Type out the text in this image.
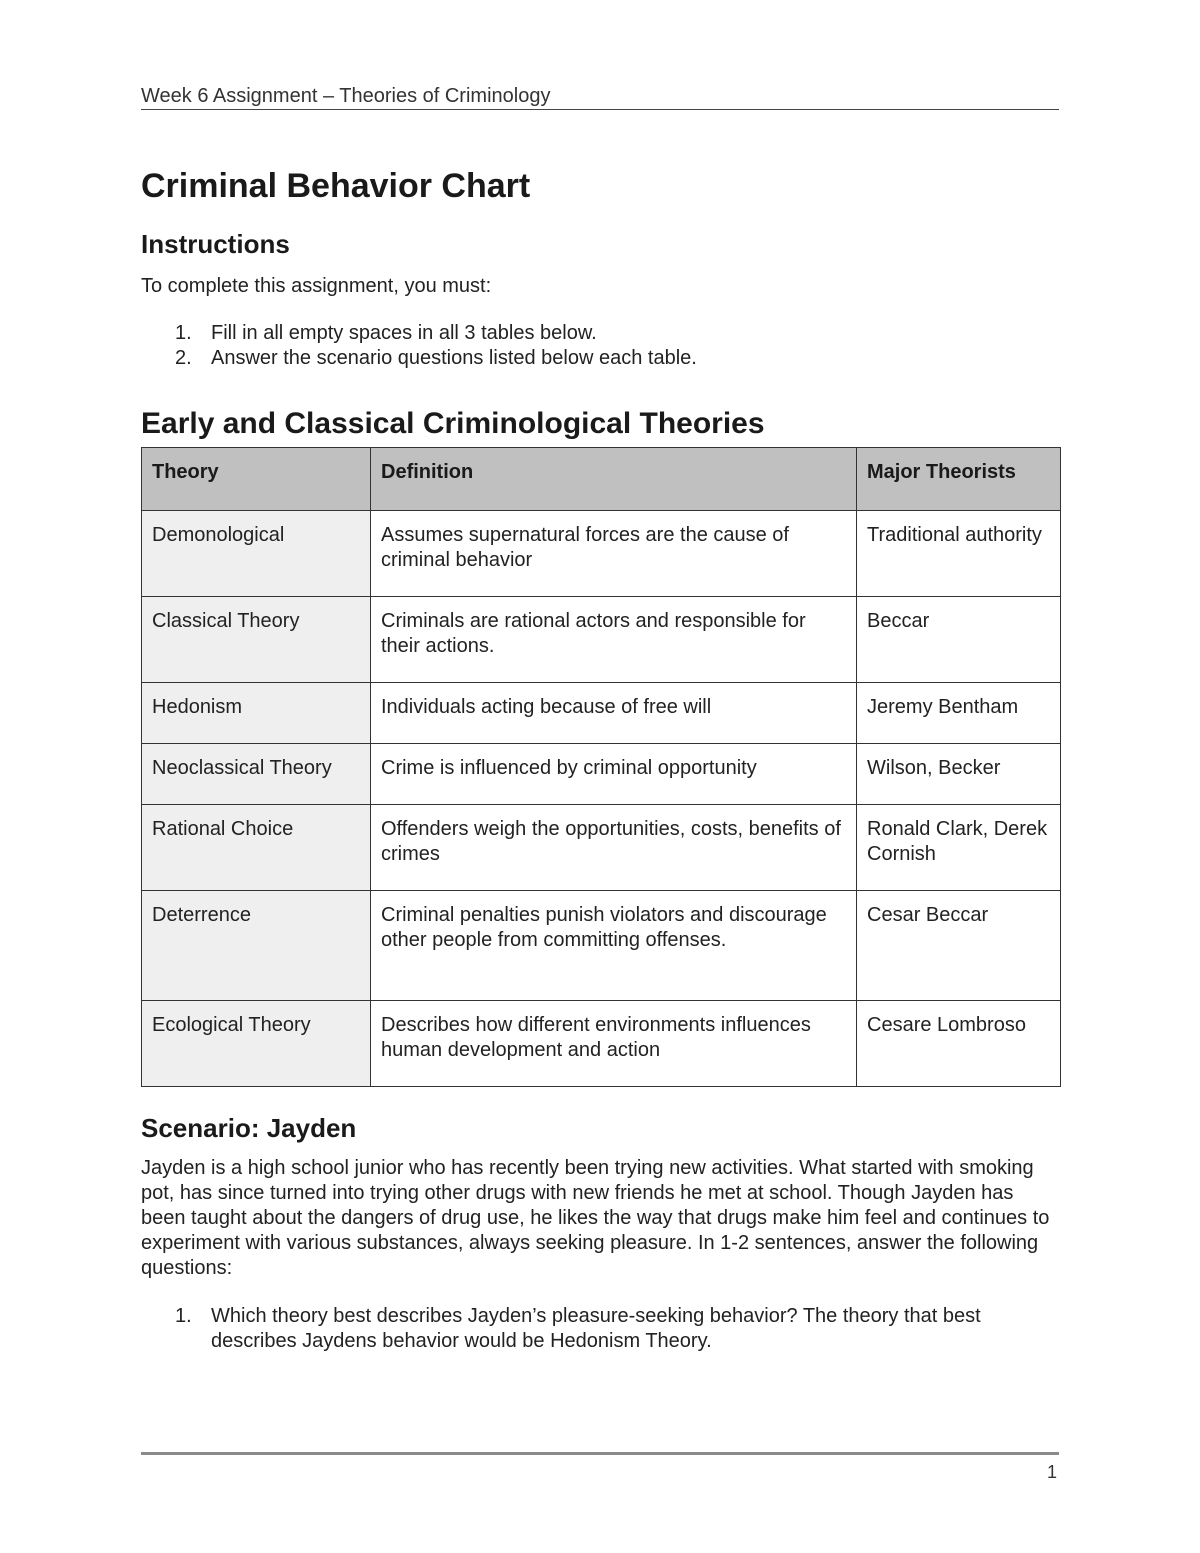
Week 6 Assignment – Theories of Criminology
Criminal Behavior Chart
Instructions

To complete this assignment, you must:

1. Fill in all empty spaces in all 3 tables below.
2. Answer the scenario questions listed below each table.
Early and Classical Criminological Theories
Theory	Definition	Major Theorists
Demonological	Assumes supernatural forces are the cause of criminal behavior	Traditional authority
Classical Theory	Criminals are rational actors and responsible for their actions.	Beccar
Hedonism	Individuals acting because of free will	Jeremy Bentham
Neoclassical Theory	Crime is influenced by criminal opportunity	Wilson, Becker
Rational Choice	Offenders weigh the opportunities, costs, benefits of crimes	Ronald Clark, Derek Cornish
Deterrence	Criminal penalties punish violators and discourage other people from committing offenses.	Cesar Beccar
Ecological Theory	Describes how different environments influences human development and action	Cesare Lombroso
Scenario: Jayden

Jayden is a high school junior who has recently been trying new activities. What started with smoking pot, has since turned into trying other drugs with new friends he met at school. Though Jayden has been taught about the dangers of drug use, he likes the way that drugs make him feel and continues to experiment with various substances, always seeking pleasure. In 1-2 sentences, answer the following questions:

1. Which theory best describes Jayden’s pleasure-seeking behavior? The theory that best describes Jaydens behavior would be Hedonism Theory.
1
